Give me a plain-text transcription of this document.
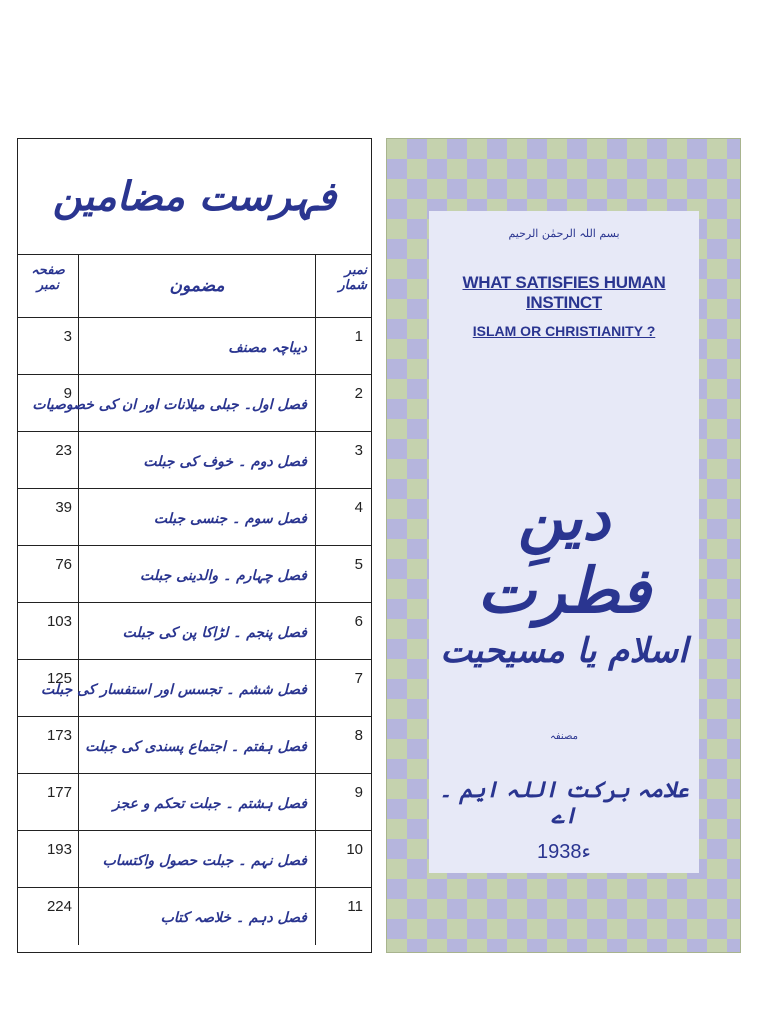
فہرست مضامین
صفحہ نمبر	مضمون
نمبر شمار
3
دیباچہ مصنف
1
9
فصل اول۔ جبلی میلانات اور ان کی خصوصیات
2
23
فصل دوم ۔ خوف کی جبلت
3
39
فصل سوم ۔ جنسی جبلت
4
76
فصل چہارم ۔ والدینی جبلت
5
103
فصل پنجم ۔ لڑاکا پن کی جبلت
6
125
فصل ششم ۔ تجسس اور استفسار کی جبلت
7
173
فصل ہفتم ۔ اجتماع پسندی کی جبلت
8
177
فصل ہشتم ۔ جبلت تحکم و عجز
9
193
فصل نہم ۔ جبلت حصول واکتساب
10
224
فصل دہم ۔ خلاصہ کتاب
11
بسم اللہ الرحمٰن الرحیم
WHAT SATISFIES HUMAN INSTINCT
ISLAM OR CHRISTIANITY ?
دینِ فطرت
اسلام یا مسیحیت
مصنفہ
علامہ برکت اللہ ایم ۔اے
1938ء
